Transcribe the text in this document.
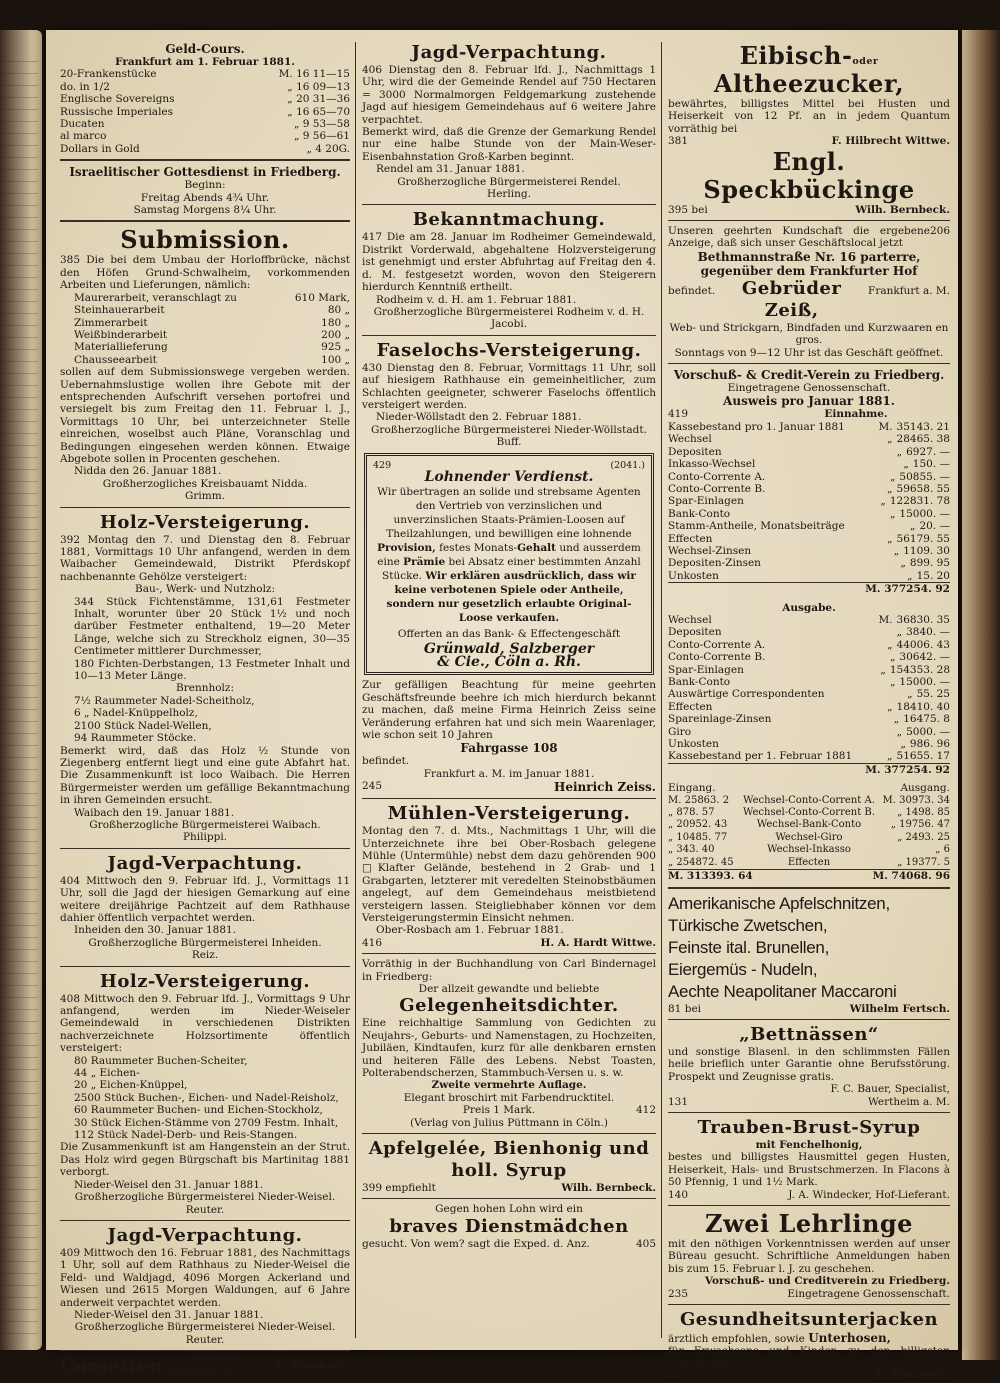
Geld-Cours.
Frankfurt am 1. Februar 1881.
20-Frankenstücke	M. 16 11—15
do. in 1/2	„ 16 09—13
Englische Sovereigns	„ 20 31—36
Russische Imperiales	„ 16 65—70
Ducaten	„ 9 53—58
al marco	„ 9 56—61
Dollars in Gold	„ 4 20G.
Israelitischer Gottesdienst in Friedberg.
Beginn:
Freitag Abends 4¾ Uhr.
Samstag Morgens 8¼ Uhr.
Submission.

385 Die bei dem Umbau der Horloffbrücke, nächst den Höfen Grund-Schwalheim, vorkommenden Arbeiten und Lieferungen, nämlich:

Maurerarbeit, veranschlagt zu	610 Mark,
Steinhauerarbeit	80 „
Zimmerarbeit	180 „
Weißbinderarbeit	200 „
Materiallieferung	925 „
Chausseearbeit	100 „

sollen auf dem Submissionswege vergeben werden. Uebernahmslustige wollen ihre Gebote mit der entsprechenden Aufschrift versehen portofrei und versiegelt bis zum Freitag den 11. Februar l. J., Vormittags 10 Uhr, bei unterzeichneter Stelle einreichen, woselbst auch Pläne, Voranschlag und Bedingungen eingesehen werden können. Etwaige Abgebote sollen in Procenten geschehen.

Nidda den 26. Januar 1881.
Großherzogliches Kreisbauamt Nidda.
Grimm.
Holz-Versteigerung.

392 Montag den 7. und Dienstag den 8. Februar 1881, Vormittags 10 Uhr anfangend, werden in dem Waibacher Gemeindewald, Distrikt Pferdskopf nachbenannte Gehölze versteigert:

Bau-, Werk- und Nutzholz:

344 Stück Fichtenstämme, 131,61 Festmeter Inhalt, worunter über 20 Stück 1½ und noch darüber Festmeter enthaltend, 19—20 Meter Länge, welche sich zu Streckholz eignen, 30—35 Centimeter mittlerer Durchmesser,
180 Fichten-Derbstangen, 13 Festmeter Inhalt und 10—13 Meter Länge.

Brennholz:

7½ Raummeter Nadel-Scheitholz,
6 „ Nadel-Knüppelholz,
2100 Stück Nadel-Wellen,
94 Raummeter Stöcke.

Bemerkt wird, daß das Holz ½ Stunde von Ziegenberg entfernt liegt und eine gute Abfahrt hat. Die Zusammenkunft ist loco Waibach. Die Herren Bürgermeister werden um gefällige Bekanntmachung in ihren Gemeinden ersucht.

Waibach den 19. Januar 1881.
Großherzogliche Bürgermeisterei Waibach.
Philippi.
Jagd-Verpachtung.

404 Mittwoch den 9. Februar lfd. J., Vormittags 11 Uhr, soll die Jagd der hiesigen Gemarkung auf eine weitere dreijährige Pachtzeit auf dem Rathhause dahier öffentlich verpachtet werden.

Inheiden den 30. Januar 1881.
Großherzogliche Bürgermeisterei Inheiden.
Reiz.
Holz-Versteigerung.

408 Mittwoch den 9. Februar lfd. J., Vormittags 9 Uhr anfangend, werden im Nieder-Weiseler Gemeindewald in verschiedenen Distrikten nachverzeichnete Holzsortimente öffentlich versteigert:

80 Raummeter Buchen-Scheiter,
44 „ Eichen-
20 „ Eichen-Knüppel,
2500 Stück Buchen-, Eichen- und Nadel-Reisholz,
60 Raummeter Buchen- und Eichen-Stockholz,
30 Stück Eichen-Stämme von 2709 Festm. Inhalt,
112 Stück Nadel-Derb- und Reis-Stangen.

Die Zusammenkunft ist am Hangenstein an der Strut. Das Holz wird gegen Bürgschaft bis Martinitag 1881 verborgt.

Nieder-Weisel den 31. Januar 1881.
Großherzogliche Bürgermeisterei Nieder-Weisel.
Reuter.
Jagd-Verpachtung.

409 Mittwoch den 16. Februar 1881, des Nachmittags 1 Uhr, soll auf dem Rathhaus zu Nieder-Weisel die Feld- und Waldjagd, 4096 Morgen Ackerland und Wiesen und 2615 Morgen Waldungen, auf 6 Jahre anderweit verpachtet werden.

Nieder-Weisel den 31. Januar 1881.
Großherzogliche Bürgermeisterei Nieder-Weisel.
Reuter.
Corsetten zu sehr billigen Preisen bei 87	K. Friedrich.
Jagd-Verpachtung.

406 Dienstag den 8. Februar lfd. J., Nachmittags 1 Uhr, wird die der Gemeinde Rendel auf 750 Hectaren = 3000 Normalmorgen Feldgemarkung zustehende Jagd auf hiesigem Gemeindehaus auf 6 weitere Jahre verpachtet.

Bemerkt wird, daß die Grenze der Gemarkung Rendel nur eine halbe Stunde von der Main-Weser-Eisenbahnstation Groß-Karben beginnt.

Rendel am 31. Januar 1881.
Großherzogliche Bürgermeisterei Rendel.
Herling.
Bekanntmachung.

417 Die am 28. Januar im Rodheimer Gemeindewald, Distrikt Vorderwald, abgehaltene Holzversteigerung ist genehmigt und erster Abfuhrtag auf Freitag den 4. d. M. festgesetzt worden, wovon den Steigerern hierdurch Kenntniß ertheilt.

Rodheim v. d. H. am 1. Februar 1881.
Großherzogliche Bürgermeisterei Rodheim v. d. H.
Jacobi.
Faselochs-Versteigerung.

430 Dienstag den 8. Februar, Vormittags 11 Uhr, soll auf hiesigem Rathhause ein gemeinheitlicher, zum Schlachten geeigneter, schwerer Faselochs öffentlich versteigert werden.

Nieder-Wöllstadt den 2. Februar 1881.
Großherzogliche Bürgermeisterei Nieder-Wöllstadt.
Buff.
429	(2041.)
Lohnender Verdienst.

Wir übertragen an solide und strebsame Agenten den Vertrieb von verzinslichen und unverzinslichen Staats-Prämien-Loosen auf Theilzahlungen, und bewilligen eine lohnende Provision, festes Monats-Gehalt und ausserdem eine Prämie bei Absatz einer bestimmten Anzahl Stücke. Wir erklären ausdrücklich, dass wir keine verbotenen Spiele oder Antheile, sondern nur gesetzlich erlaubte Original-Loose verkaufen.

Offerten an das Bank- & Effectengeschäft

Grünwald, Salzberger
& Cie., Cöln a. Rh.

Zur gefälligen Beachtung für meine geehrten Geschäftsfreunde beehre ich mich hierdurch bekannt zu machen, daß meine Firma Heinrich Zeiss seine Veränderung erfahren hat und sich mein Waarenlager, wie schon seit 10 Jahren

Fahrgasse 108
befindet.
Frankfurt a. M. im Januar 1881.
245	Heinrich Zeiss.
Mühlen-Versteigerung.

Montag den 7. d. Mts., Nachmittags 1 Uhr, will die Unterzeichnete ihre bei Ober-Rosbach gelegene Mühle (Untermühle) nebst dem dazu gehörenden 900 □Klafter Gelände, bestehend in 2 Grab- und 1 Grabgarten, letzterer mit veredelten Steinobstbäumen angelegt, auf dem Gemeindehaus meistbietend versteigern lassen. Steigliebhaber können vor dem Versteigerungstermin Einsicht nehmen.

Ober-Rosbach am 1. Februar 1881.
416	H. A. Hardt Wittwe.

Vorräthig in der Buchhandlung von Carl Bindernagel in Friedberg:

Der allzeit gewandte und beliebte
Gelegenheitsdichter.

Eine reichhaltige Sammlung von Gedichten zu Neujahrs-, Geburts- und Namenstagen, zu Hochzeiten, Jubiläen, Kindtaufen, kurz für alle denkbaren ernsten und heiteren Fälle des Lebens. Nebst Toasten, Polterabendscherzen, Stammbuch-Versen u. s. w.

Zweite vermehrte Auflage.
Elegant broschirt mit Farbendrucktitel.
Preis 1 Mark.	412
(Verlag von Julius Püttmann in Cöln.)
Apfelgelée, Bienhonig und holl. Syrup
399 empfiehlt	Wilh. Bernbeck.
Gegen hohen Lohn wird ein
braves Dienstmädchen
gesucht. Von wem? sagt die Exped. d. Anz.	405
Eibisch-oder Altheezucker,

bewährtes, billigstes Mittel bei Husten und Heiserkeit von 12 Pf. an in jedem Quantum vorräthig bei

381	F. Hilbrecht Wittwe.
Engl. Speckbückinge
395 bei	Wilh. Bernbeck.
Unseren geehrten Kundschaft die ergebene Anzeige, daß sich unser Geschäftslocal jetzt
206
Bethmannstraße Nr. 16 parterre,
gegenüber dem Frankfurter Hof
befindet.	Gebrüder Zeiß,
Frankfurt a. M.
Web- und Strickgarn, Bindfaden und Kurzwaaren en gros.
Sonntags von 9—12 Uhr ist das Geschäft geöffnet.
Vorschuß- & Credit-Verein zu Friedberg.
Eingetragene Genossenschaft.
Ausweis pro Januar 1881.
419	Einnahme.
Kassebestand pro 1. Januar 1881	M. 35143. 21
Wechsel	„ 28465. 38
Depositen	„ 6927. —
Inkasso-Wechsel	„ 150. —
Conto-Corrente A.	„ 50855. —
Conto-Corrente B.	„ 59658. 55
Spar-Einlagen	„ 122831. 78
Bank-Conto	„ 15000. —
Stamm-Antheile, Monatsbeiträge	„ 20. —
Effecten	„ 56179. 55
Wechsel-Zinsen	„ 1109. 30
Depositen-Zinsen	„ 899. 95
Unkosten	„ 15. 20
M. 377254. 92
Ausgabe.
Wechsel	M. 36830. 35
Depositen	„ 3840. —
Conto-Corrente A.	„ 44006. 43
Conto-Corrente B.	„ 30642. —
Spar-Einlagen	„ 154353. 28
Bank-Conto	„ 15000. —
Auswärtige Correspondenten	„ 55. 25
Effecten	„ 18410. 40
Spareinlage-Zinsen	„ 16475. 8
Giro	„ 5000. —
Unkosten	„ 986. 96
Kassebestand per 1. Februar 1881	„ 51655. 17
M. 377254. 92
Eingang.	Ausgang.
M. 25863. 2	Wechsel-Conto-Corrent A. M. 30973. 34
„ 878. 57	Wechsel-Conto-Corrent B.	„ 1498. 85
„ 20952. 43	Wechsel-Bank-Conto	„ 19756. 47
„ 10485. 77	Wechsel-Giro	„ 2493. 25
„ 343. 40	Wechsel-Inkasso	„ 6
„ 254872. 45	Effecten	„ 19377. 5
M. 313393. 64	M. 74068. 96
Amerikanische Apfelschnitzen,
Türkische Zwetschen,
Feinste ital. Brunellen,
Eiergemüs - Nudeln,
Aechte Neapolitaner Maccaroni
81 bei	Wilhelm Fertsch.
„Bettnässen“

und sonstige Blasenl. in den schlimmsten Fällen heile brieflich unter Garantie ohne Berufsstörung. Prospekt und Zeugnisse gratis.

F. C. Bauer, Specialist,
131	Wertheim a. M.
Trauben-Brust-Syrup
mit Fenchelhonig,

bestes und billigstes Hausmittel gegen Husten, Heiserkeit, Hals- und Brustschmerzen. In Flacons à 50 Pfennig, 1 und 1½ Mark.

140	J. A. Windecker, Hof-Lieferant.
Zwei Lehrlinge

mit den nöthigen Vorkenntnissen werden auf unser Büreau gesucht. Schriftliche Anmeldungen haben bis zum 15. Februar l. J. zu geschehen.

Vorschuß- und Creditverein zu Friedberg.
235	Eingetragene Genossenschaft.
Gesundheitsunterjacken
ärztlich empfohlen, sowie Unterhosen,

für Erwachsene und Kinder, zu den billigsten Preisen bei

70	K. Friedrich.
